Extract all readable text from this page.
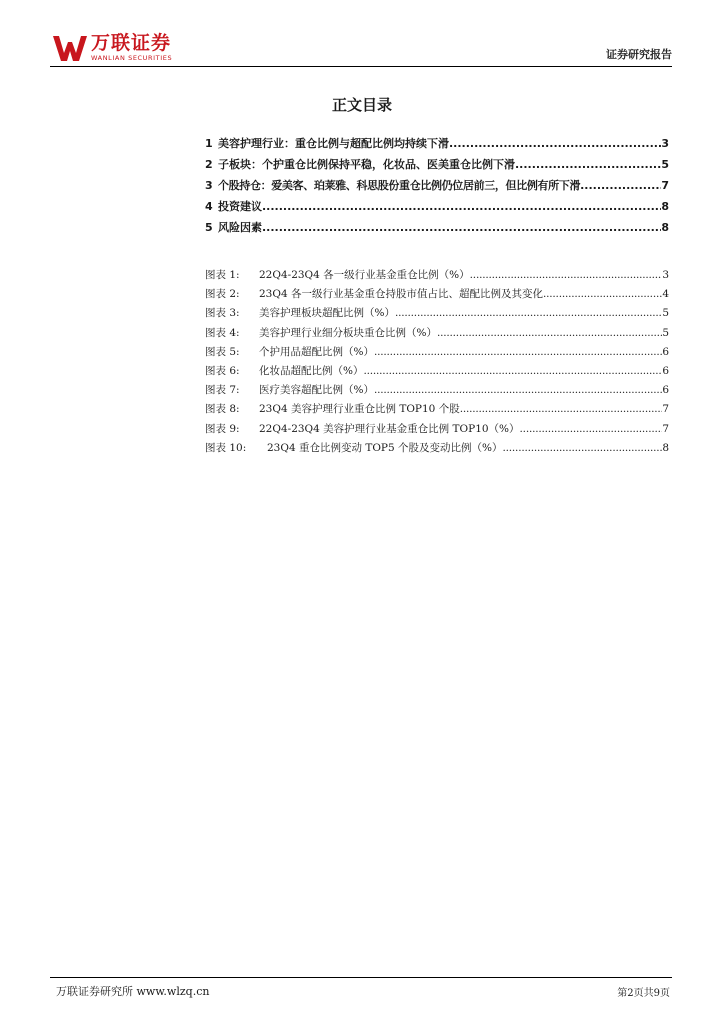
万联证券
WANLIAN SECURITIES	证券研究报告
正文目录
1 美容护理行业：重仓比例与超配比例均持续下滑 .....	3
2 子板块：个护重仓比例保持平稳，化妆品、医美重仓比例下滑 .....	5
3 个股持仓：爱美客、珀莱雅、科思股份重仓比例仍位居前三，但比例有所下滑 .....	7
4 投资建议 .....	8
5 风险因素 .....	8
图表 1:	22Q4-23Q4 各一级行业基金重仓比例（%） .....	3
图表 2:	23Q4 各一级行业基金重仓持股市值占比、超配比例及其变化 .....	4
图表 3:	美容护理板块超配比例（%） .....	5
图表 4:	美容护理行业细分板块重仓比例（%） .....	5
图表 5:	个护用品超配比例（%） .....	6
图表 6:	化妆品超配比例（%） .....	6
图表 7:	医疗美容超配比例（%） .....	6
图表 8:	23Q4 美容护理行业重仓比例 TOP10 个股 .....	7
图表 9:	22Q4-23Q4 美容护理行业基金重仓比例 TOP10（%） .....	7
图表 10:	23Q4 重仓比例变动 TOP5 个股及变动比例（%） .....	8
万联证券研究所 www.wlzq.cn	第2页共9页
